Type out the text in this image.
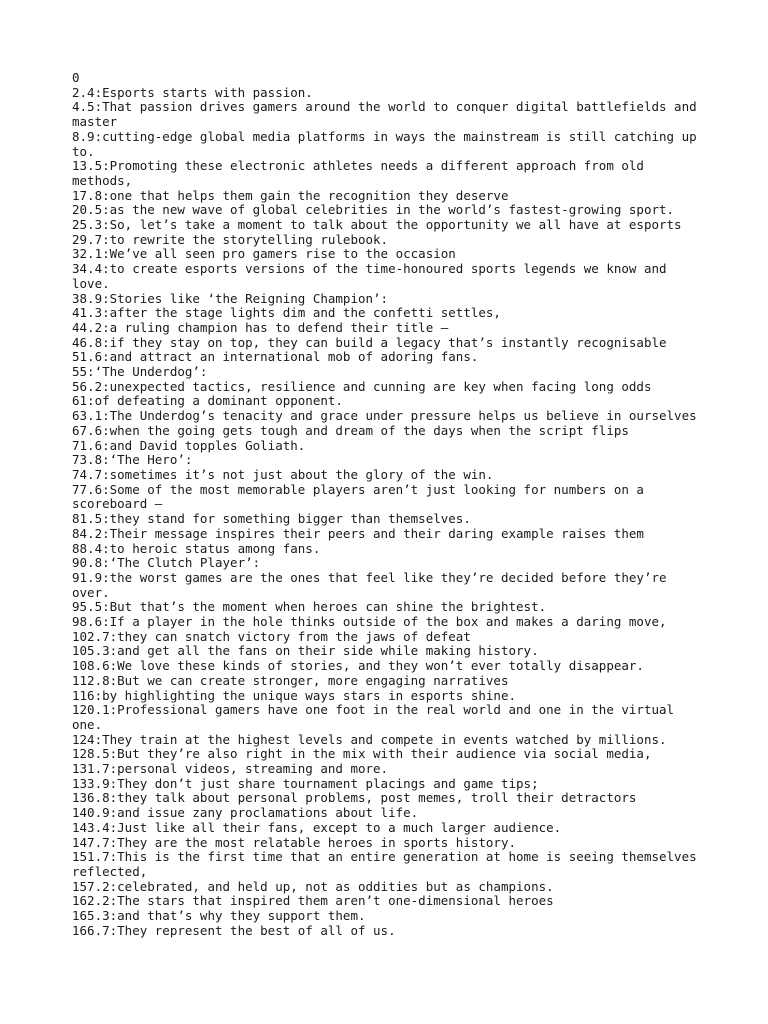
0
2.4:Esports starts with passion.
4.5:That passion drives gamers around the world to conquer digital battlefields and master
8.9:cutting-edge global media platforms in ways the mainstream is still catching up to.
13.5:Promoting these electronic athletes needs a different approach from old methods,
17.8:one that helps them gain the recognition they deserve
20.5:as the new wave of global celebrities in the world’s fastest-growing sport.
25.3:So, let’s take a moment to talk about the opportunity we all have at esports
29.7:to rewrite the storytelling rulebook.
32.1:We’ve all seen pro gamers rise to the occasion
34.4:to create esports versions of the time-honoured sports legends we know and love.
38.9:Stories like ‘the Reigning Champion’:
41.3:after the stage lights dim and the confetti settles,
44.2:a ruling champion has to defend their title –
46.8:if they stay on top, they can build a legacy that’s instantly recognisable
51.6:and attract an international mob of adoring fans.
55:‘The Underdog’:
56.2:unexpected tactics, resilience and cunning are key when facing long odds
61:of defeating a dominant opponent.
63.1:The Underdog’s tenacity and grace under pressure helps us believe in ourselves
67.6:when the going gets tough and dream of the days when the script flips
71.6:and David topples Goliath.
73.8:‘The Hero’:
74.7:sometimes it’s not just about the glory of the win.
77.6:Some of the most memorable players aren’t just looking for numbers on a scoreboard –
81.5:they stand for something bigger than themselves.
84.2:Their message inspires their peers and their daring example raises them
88.4:to heroic status among fans.
90.8:‘The Clutch Player’:
91.9:the worst games are the ones that feel like they’re decided before they’re over.
95.5:But that’s the moment when heroes can shine the brightest.
98.6:If a player in the hole thinks outside of the box and makes a daring move,
102.7:they can snatch victory from the jaws of defeat
105.3:and get all the fans on their side while making history.
108.6:We love these kinds of stories, and they won’t ever totally disappear.
112.8:But we can create stronger, more engaging narratives
116:by highlighting the unique ways stars in esports shine.
120.1:Professional gamers have one foot in the real world and one in the virtual one.
124:They train at the highest levels and compete in events watched by millions.
128.5:But they’re also right in the mix with their audience via social media,
131.7:personal videos, streaming and more.
133.9:They don’t just share tournament placings and game tips;
136.8:they talk about personal problems, post memes, troll their detractors
140.9:and issue zany proclamations about life.
143.4:Just like all their fans, except to a much larger audience.
147.7:They are the most relatable heroes in sports history.
151.7:This is the first time that an entire generation at home is seeing themselves reflected,
157.2:celebrated, and held up, not as oddities but as champions.
162.2:The stars that inspired them aren’t one-dimensional heroes
165.3:and that’s why they support them.
166.7:They represent the best of all of us.
